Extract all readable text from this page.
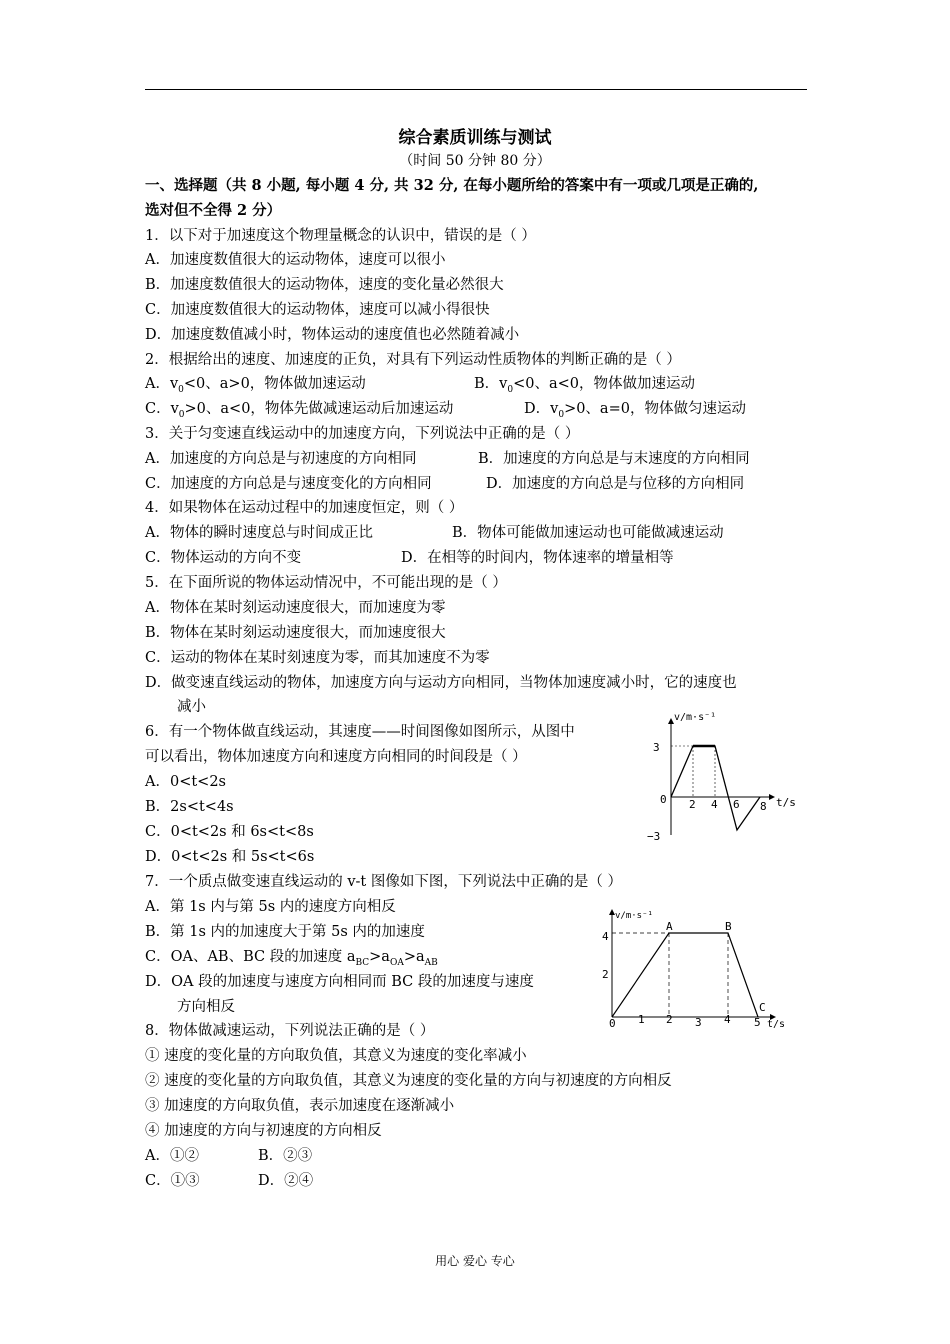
综合素质训练与测试
（时间 50 分钟 80 分）
一、选择题（共 8 小题, 每小题 4 分, 共 32 分, 在每小题所给的答案中有一项或几项是正确的,
选对但不全得 2 分）
1．以下对于加速度这个物理量概念的认识中，错误的是（ ）
A．加速度数值很大的运动物体，速度可以很小
B．加速度数值很大的运动物体，速度的变化量必然很大
C．加速度数值很大的运动物体，速度可以减小得很快
D．加速度数值减小时，物体运动的速度值也必然随着减小
2．根据给出的速度、加速度的正负，对具有下列运动性质物体的判断正确的是（ ）
A．$v_0<0$、a>0，物体做加速运动	B．$v_0<0$、a<0，物体做加速运动
C．$v_0>0$、a<0，物体先做减速运动后加速运动	D．$v_0>0$、a=0，物体做匀速运动
3．关于匀变速直线运动中的加速度方向，下列说法中正确的是（ ）
A．加速度的方向总是与初速度的方向相同	B．加速度的方向总是与末速度的方向相同
C．加速度的方向总是与速度变化的方向相同	D．加速度的方向总是与位移的方向相同
4．如果物体在运动过程中的加速度恒定，则（ ）
A．物体的瞬时速度总与时间成正比	B．物体可能做加速运动也可能做减速运动
C．物体运动的方向不变	D．在相等的时间内，物体速率的增量相等
5．在下面所说的物体运动情况中，不可能出现的是（ ）
A．物体在某时刻运动速度很大，而加速度为零
B．物体在某时刻运动速度很大，而加速度很大
C．运动的物体在某时刻速度为零，而其加速度不为零
D．做变速直线运动的物体，加速度方向与运动方向相同，当物体加速度减小时，它的速度也
减小
6．有一个物体做直线运动，其速度——时间图像如图所示，从图中
可以看出，物体加速度方向和速度方向相同的时间段是（ ）
A．0<t<2s
B．2s<t<4s
C．0<t<2s 和 6s<t<8s
D．0<t<2s 和 5s<t<6s
v/m·s⁻¹
t/s
3
0
−3
2 4 6 8
7．一个质点做变速直线运动的 v-t 图像如下图，下列说法中正确的是（ ）
A．第 1s 内与第 5s 内的速度方向相反
B．第 1s 内的加速度大于第 5s 内的加速度
C．OA、AB、BC 段的加速度 $a_{BC}>a_{OA}>a_{AB}$
D．OA 段的加速度与速度方向相同而 BC 段的加速度与速度
方向相反
v/m·s⁻¹
t/s
4
2
0 1 2 3 4 5
A	B
C
8．物体做减速运动，下列说法正确的是（ ）
① 速度的变化量的方向取负值，其意义为速度的变化率减小
② 速度的变化量的方向取负值，其意义为速度的变化量的方向与初速度的方向相反
③ 加速度的方向取负值，表示加速度在逐渐减小
④ 加速度的方向与初速度的方向相反
A．①②	B．②③
C．①③	D．②④
用心 爱心 专心
